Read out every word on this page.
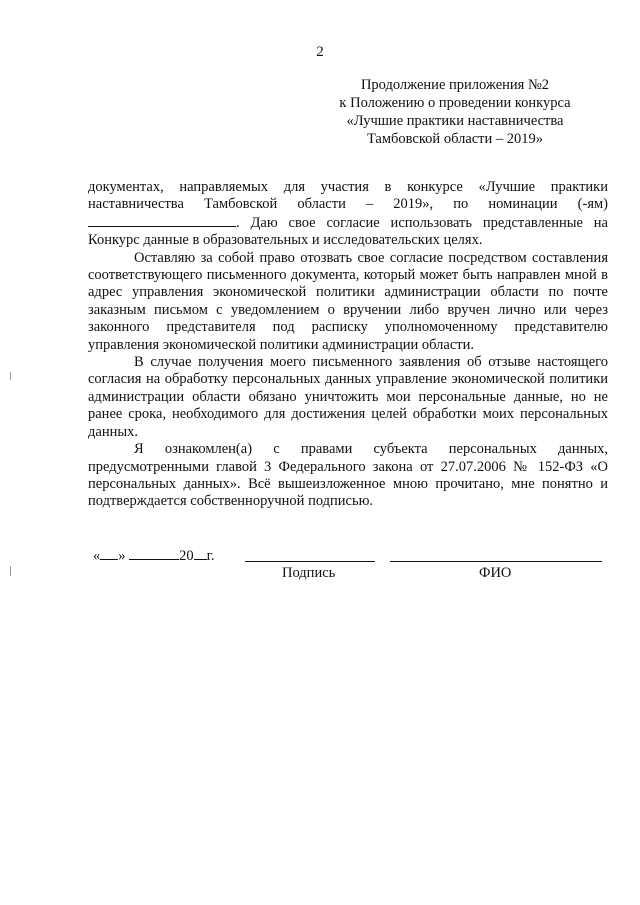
2
Продолжение приложения №2
к Положению о проведении конкурса
«Лучшие практики наставничества
Тамбовской области – 2019»

документах, направляемых для участия в конкурсе «Лучшие практики наставничества Тамбовской области – 2019», по номинации (-ям) . Даю свое согласие использовать представленные на Конкурс данные в образовательных и исследовательских целях.

Оставляю за собой право отозвать свое согласие посредством составления соответствующего письменного документа, который может быть направлен мной в адрес управления экономической политики администрации области по почте заказным письмом с уведомлением о вручении либо вручен лично или через законного представителя под расписку уполномоченному представителю управления экономической политики администрации области.

В случае получения моего письменного заявления об отзыве настоящего согласия на обработку персональных данных управление экономической политики администрации области обязано уничтожить мои персональные данные, но не ранее срока, необходимого для достижения целей обработки моих персональных данных.

Я ознакомлен(а) с правами субъекта персональных данных, предусмотренными главой 3 Федерального закона от 27.07.2006 № 152-ФЗ «О персональных данных». Всё вышеизложенное мною прочитано, мне понятно и подтверждается собственноручной подписью.

« »	20 г.
Подпись	ФИО
